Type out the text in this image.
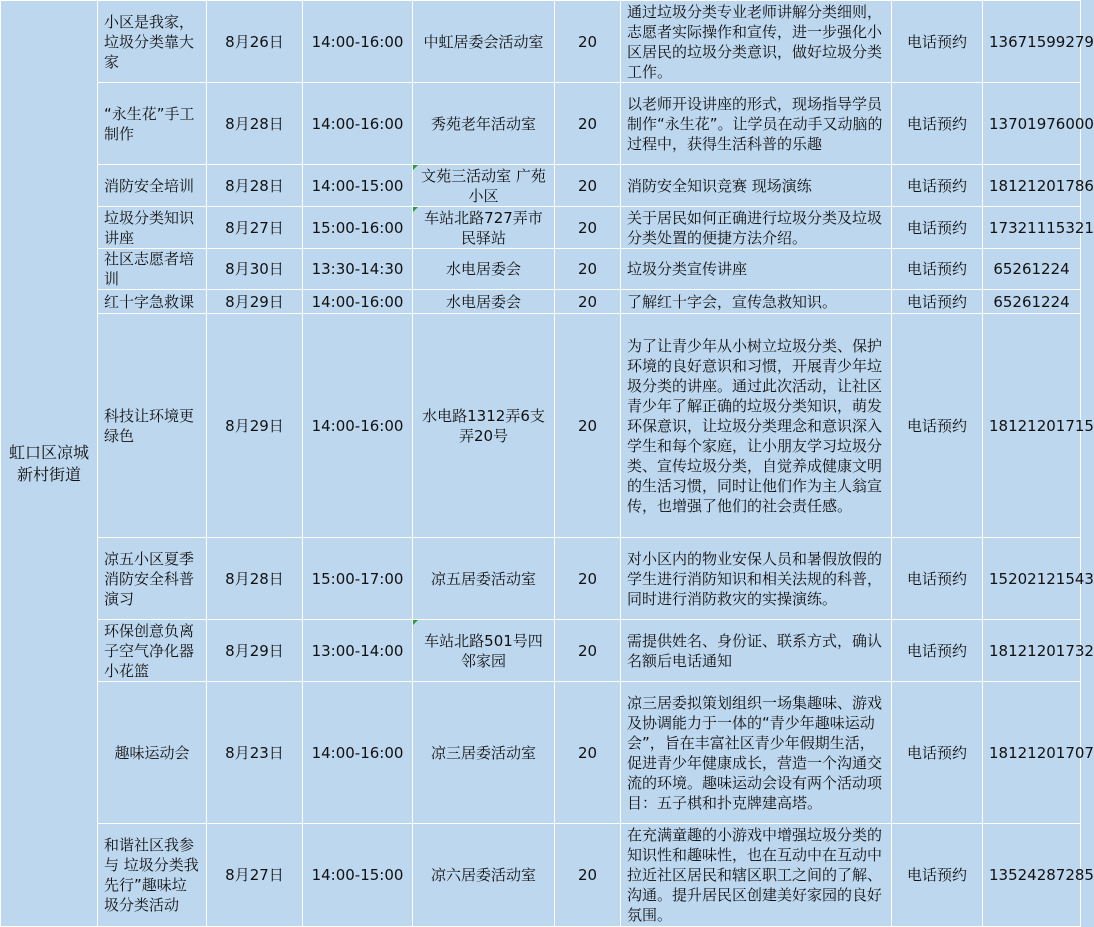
虹口区凉城新村街道	小区是我家，垃圾分类靠大家	8月26日	14:00-16:00	中虹居委会活动室	20	通过垃圾分类专业老师讲解分类细则，志愿者实际操作和宣传，进一步强化小区居民的垃圾分类意识，做好垃圾分类工作。	电话预约	13671599279
	“永生花”手工制作	8月28日	14:00-16:00	秀苑老年活动室	20	以老师开设讲座的形式，现场指导学员制作“永生花”。让学员在动手又动脑的过程中，获得生活科普的乐趣	电话预约	13701976000
	消防安全培训	8月28日	14:00-15:00	文苑三活动室 广苑小区	20	消防安全知识竞赛 现场演练	电话预约	18121201786
	垃圾分类知识讲座	8月27日	15:00-16:00	车站北路727弄市民驿站	20	关于居民如何正确进行垃圾分类及垃圾分类处置的便捷方法介绍。	电话预约	17321115321
	社区志愿者培训	8月30日	13:30-14:30	水电居委会	20	垃圾分类宣传讲座	电话预约	65261224
	红十字急救课	8月29日	14:00-16:00	水电居委会	20	了解红十字会，宣传急救知识。	电话预约	65261224
	科技让环境更绿色	8月29日	14:00-16:00	水电路1312弄6支弄20号	20	为了让青少年从小树立垃圾分类、保护环境的良好意识和习惯，开展青少年垃圾分类的讲座。通过此次活动，让社区青少年了解正确的垃圾分类知识，萌发环保意识，让垃圾分类理念和意识深入学生和每个家庭，让小朋友学习垃圾分类、宣传垃圾分类，自觉养成健康文明的生活习惯，同时让他们作为主人翁宣传，也增强了他们的社会责任感。	电话预约	18121201715
	凉五小区夏季消防安全科普演习	8月28日	15:00-17:00	凉五居委活动室	20	对小区内的物业安保人员和暑假放假的学生进行消防知识和相关法规的科普，同时进行消防救灾的实操演练。	电话预约	15202121543
	环保创意负离子空气净化器小花篮	8月29日	13:00-14:00	车站北路501号四邻家园	20	需提供姓名、身份证、联系方式，确认名额后电话通知	电话预约	18121201732
	趣味运动会	8月23日	14:00-16:00	凉三居委活动室	20	凉三居委拟策划组织一场集趣味、游戏及协调能力于一体的“青少年趣味运动会”，旨在丰富社区青少年假期生活，促进青少年健康成长，营造一个沟通交流的环境。趣味运动会设有两个活动项目：五子棋和扑克牌建高塔。	电话预约	18121201707
	和谐社区我参与 垃圾分类我先行”趣味垃圾分类活动	8月27日	14:00-15:00	凉六居委活动室	20	在充满童趣的小游戏中增强垃圾分类的知识性和趣味性，也在互动中在互动中拉近社区居民和辖区职工之间的了解、沟通。提升居民区创建美好家园的良好氛围。	电话预约	13524287285
